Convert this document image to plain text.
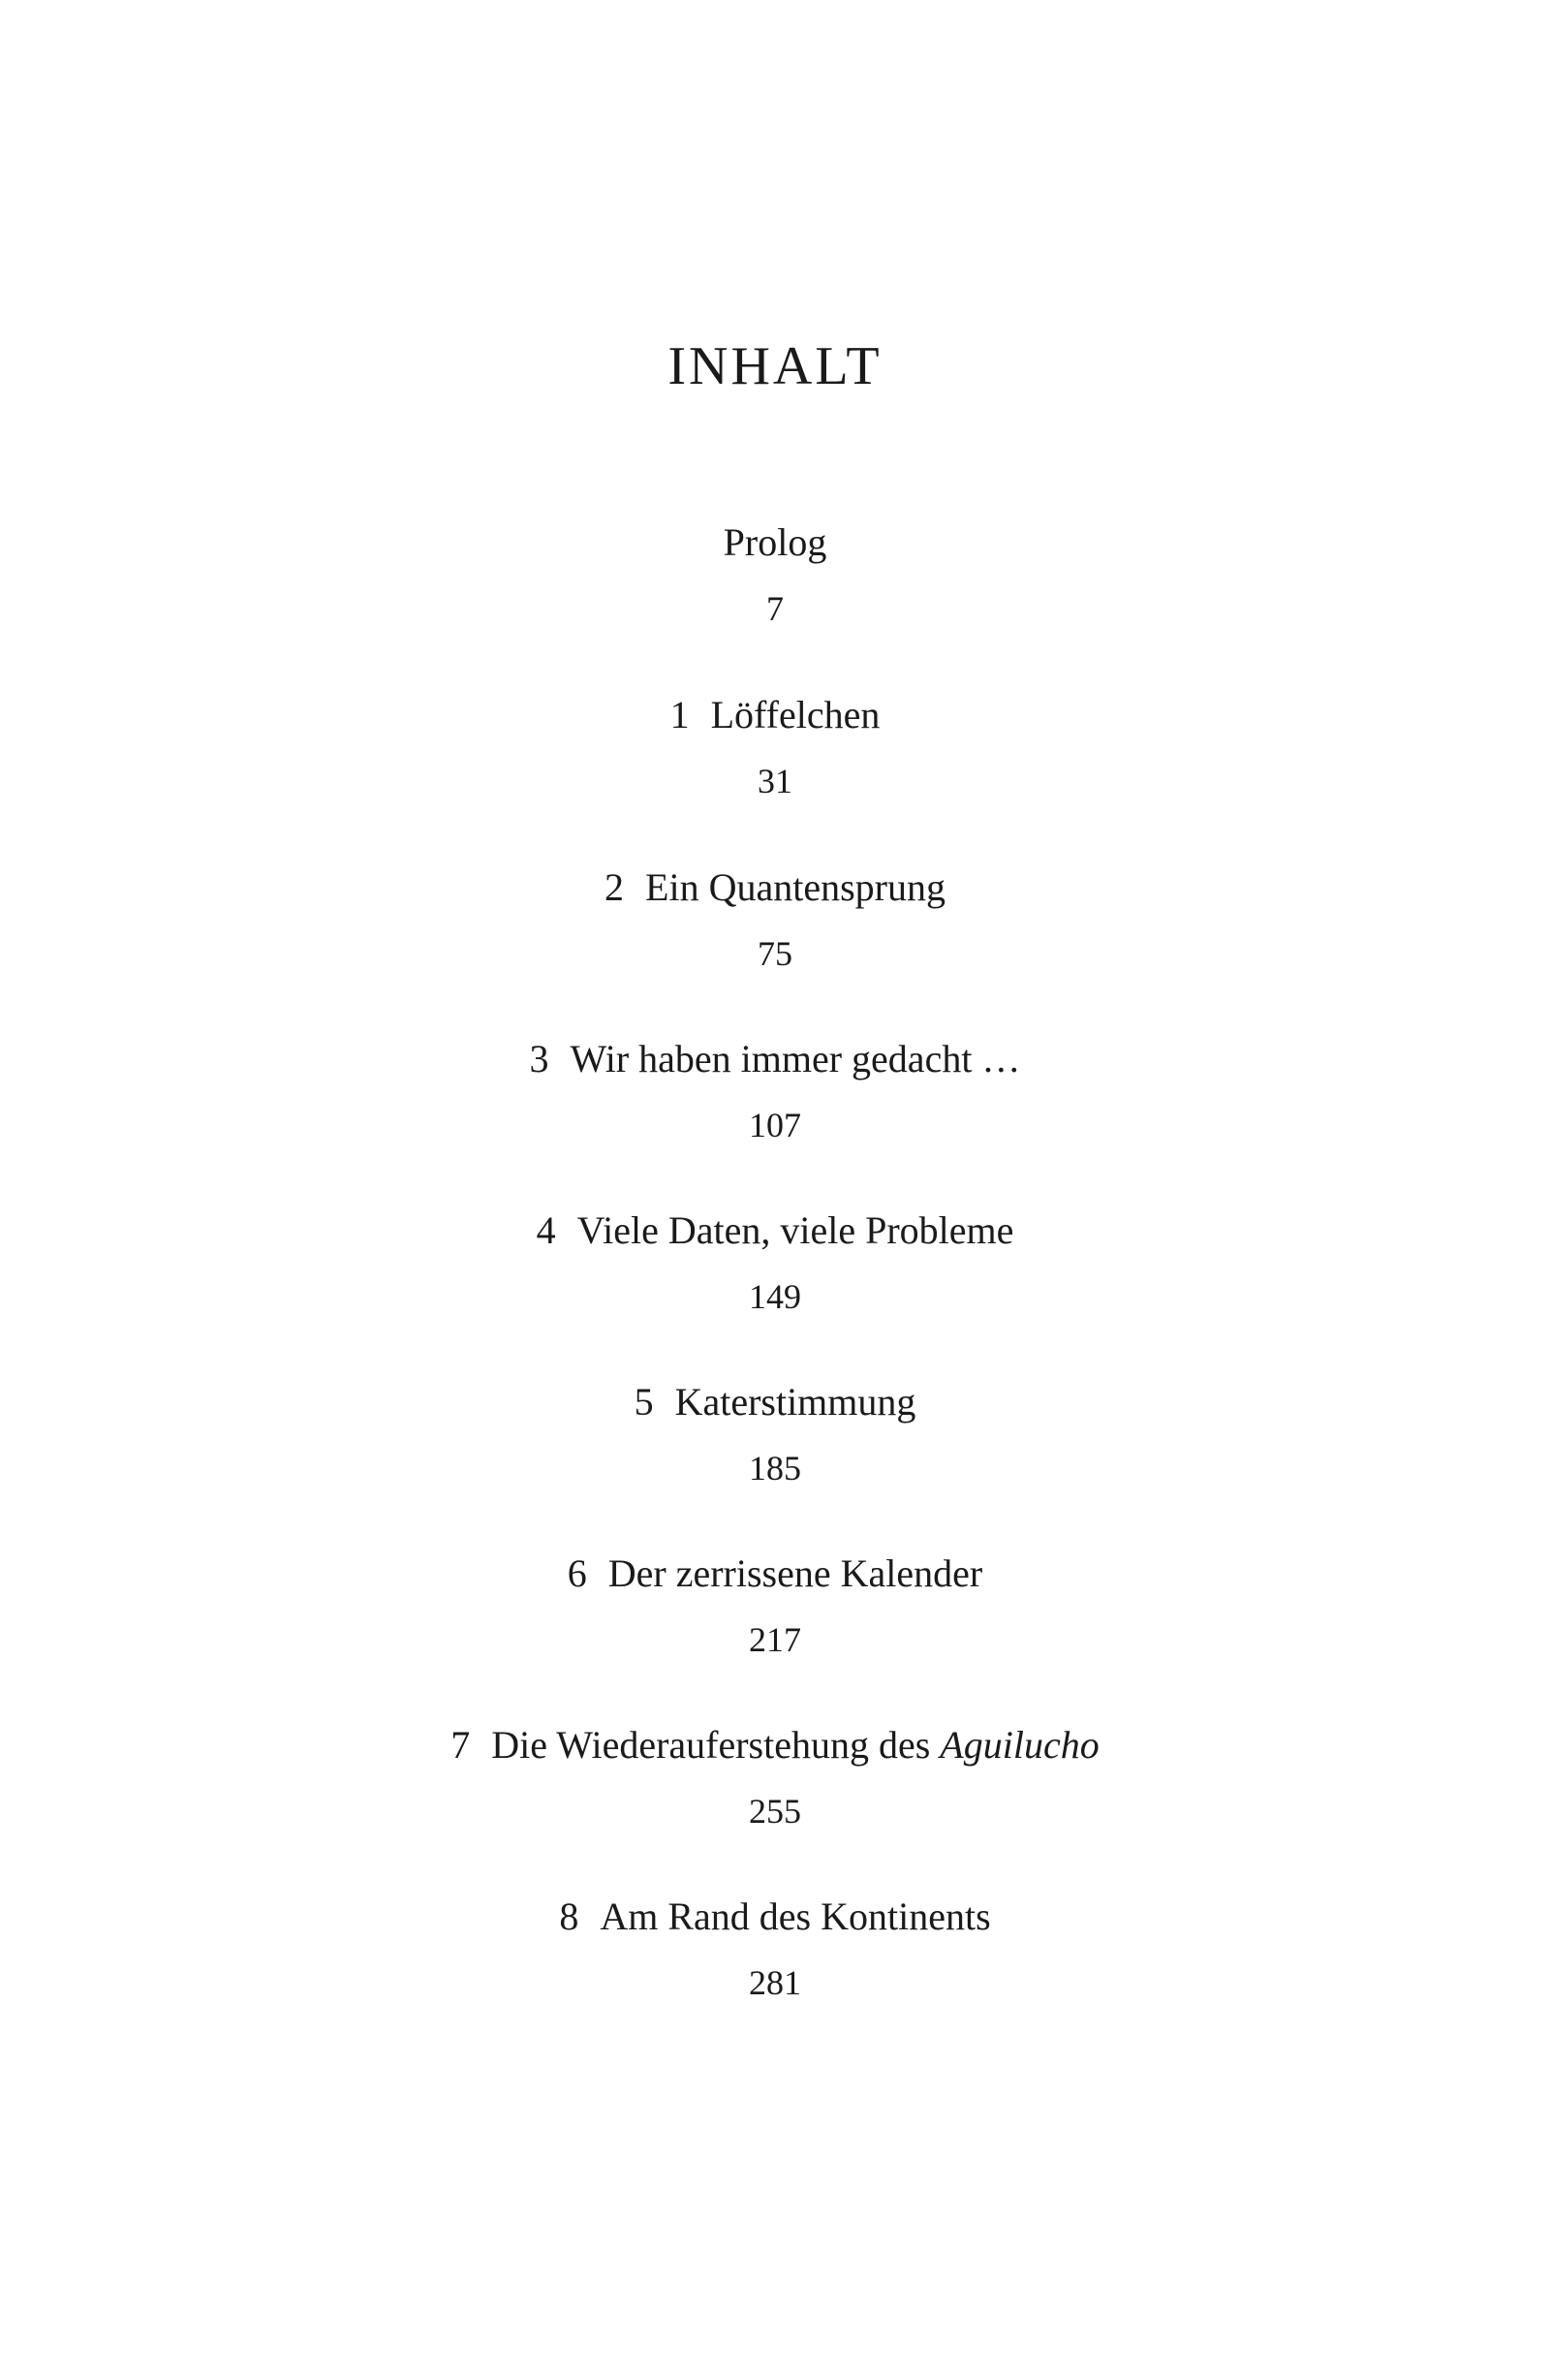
INHALT
Prolog
7
1 Löffelchen
31
2 Ein Quantensprung
75
3 Wir haben immer gedacht …
107
4 Viele Daten, viele Probleme
149
5 Katerstimmung
185
6 Der zerrissene Kalender
217
7 Die Wiederauferstehung des Aguilucho
255
8 Am Rand des Kontinents
281
